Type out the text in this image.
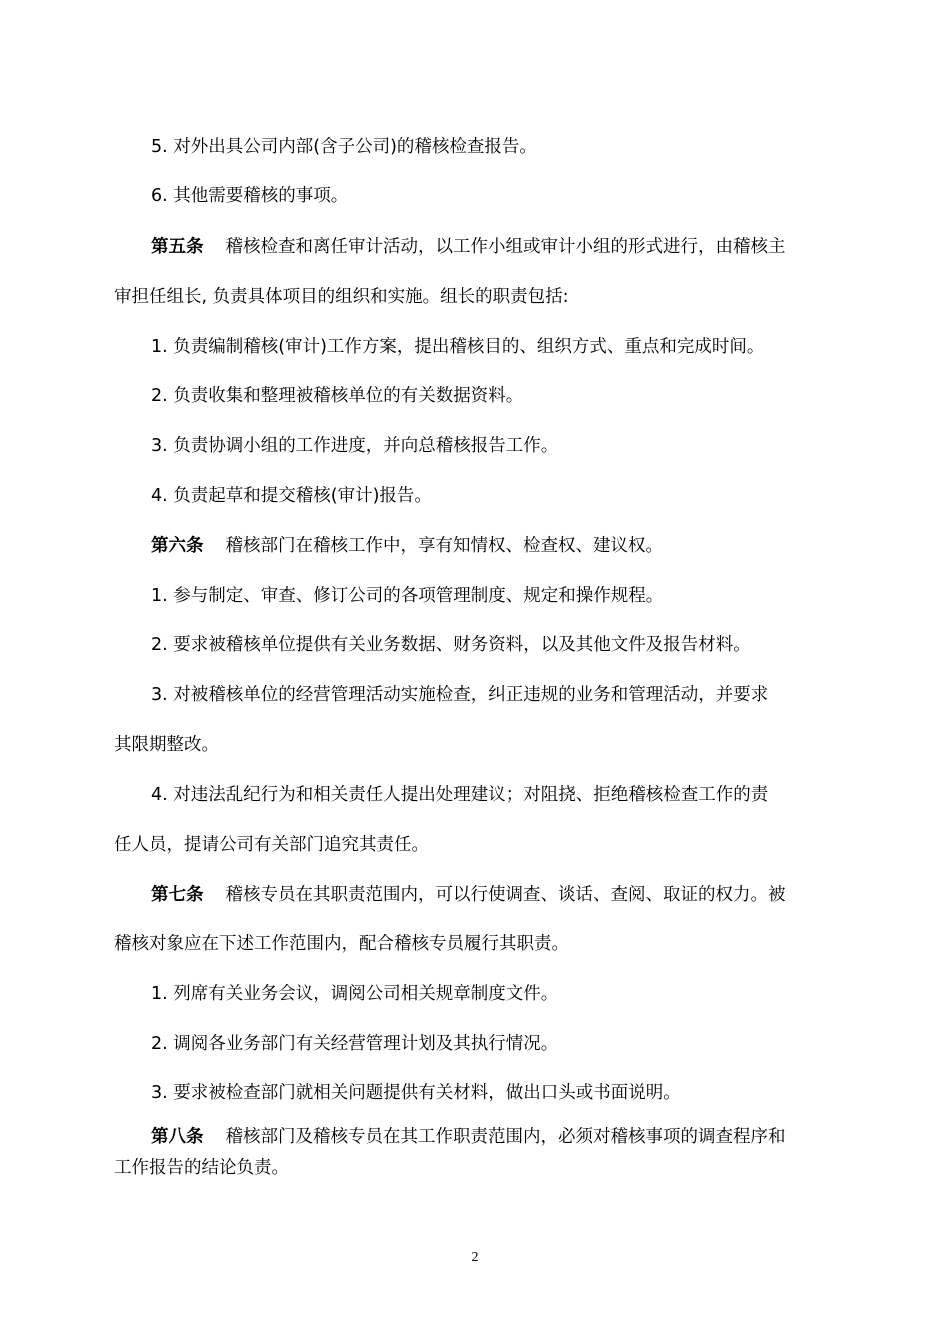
5. 对外出具公司内部(含子公司)的稽核检查报告。
6. 其他需要稽核的事项。
第五条 稽核检查和离任审计活动，以工作小组或审计小组的形式进行，由稽核主
审担任组长, 负责具体项目的组织和实施。组长的职责包括:
1. 负责编制稽核(审计)工作方案，提出稽核目的、组织方式、重点和完成时间。
2. 负责收集和整理被稽核单位的有关数据资料。
3. 负责协调小组的工作进度，并向总稽核报告工作。
4. 负责起草和提交稽核(审计)报告。
第六条 稽核部门在稽核工作中，享有知情权、检查权、建议权。
1. 参与制定、审查、修订公司的各项管理制度、规定和操作规程。
2. 要求被稽核单位提供有关业务数据、财务资料，以及其他文件及报告材料。
3. 对被稽核单位的经营管理活动实施检查，纠正违规的业务和管理活动，并要求
其限期整改。
4. 对违法乱纪行为和相关责任人提出处理建议；对阻挠、拒绝稽核检查工作的责
任人员，提请公司有关部门追究其责任。
第七条 稽核专员在其职责范围内，可以行使调查、谈话、查阅、取证的权力。被
稽核对象应在下述工作范围内，配合稽核专员履行其职责。
1. 列席有关业务会议，调阅公司相关规章制度文件。
2. 调阅各业务部门有关经营管理计划及其执行情况。
3. 要求被检查部门就相关问题提供有关材料，做出口头或书面说明。
第八条 稽核部门及稽核专员在其工作职责范围内，必须对稽核事项的调查程序和
工作报告的结论负责。
2
